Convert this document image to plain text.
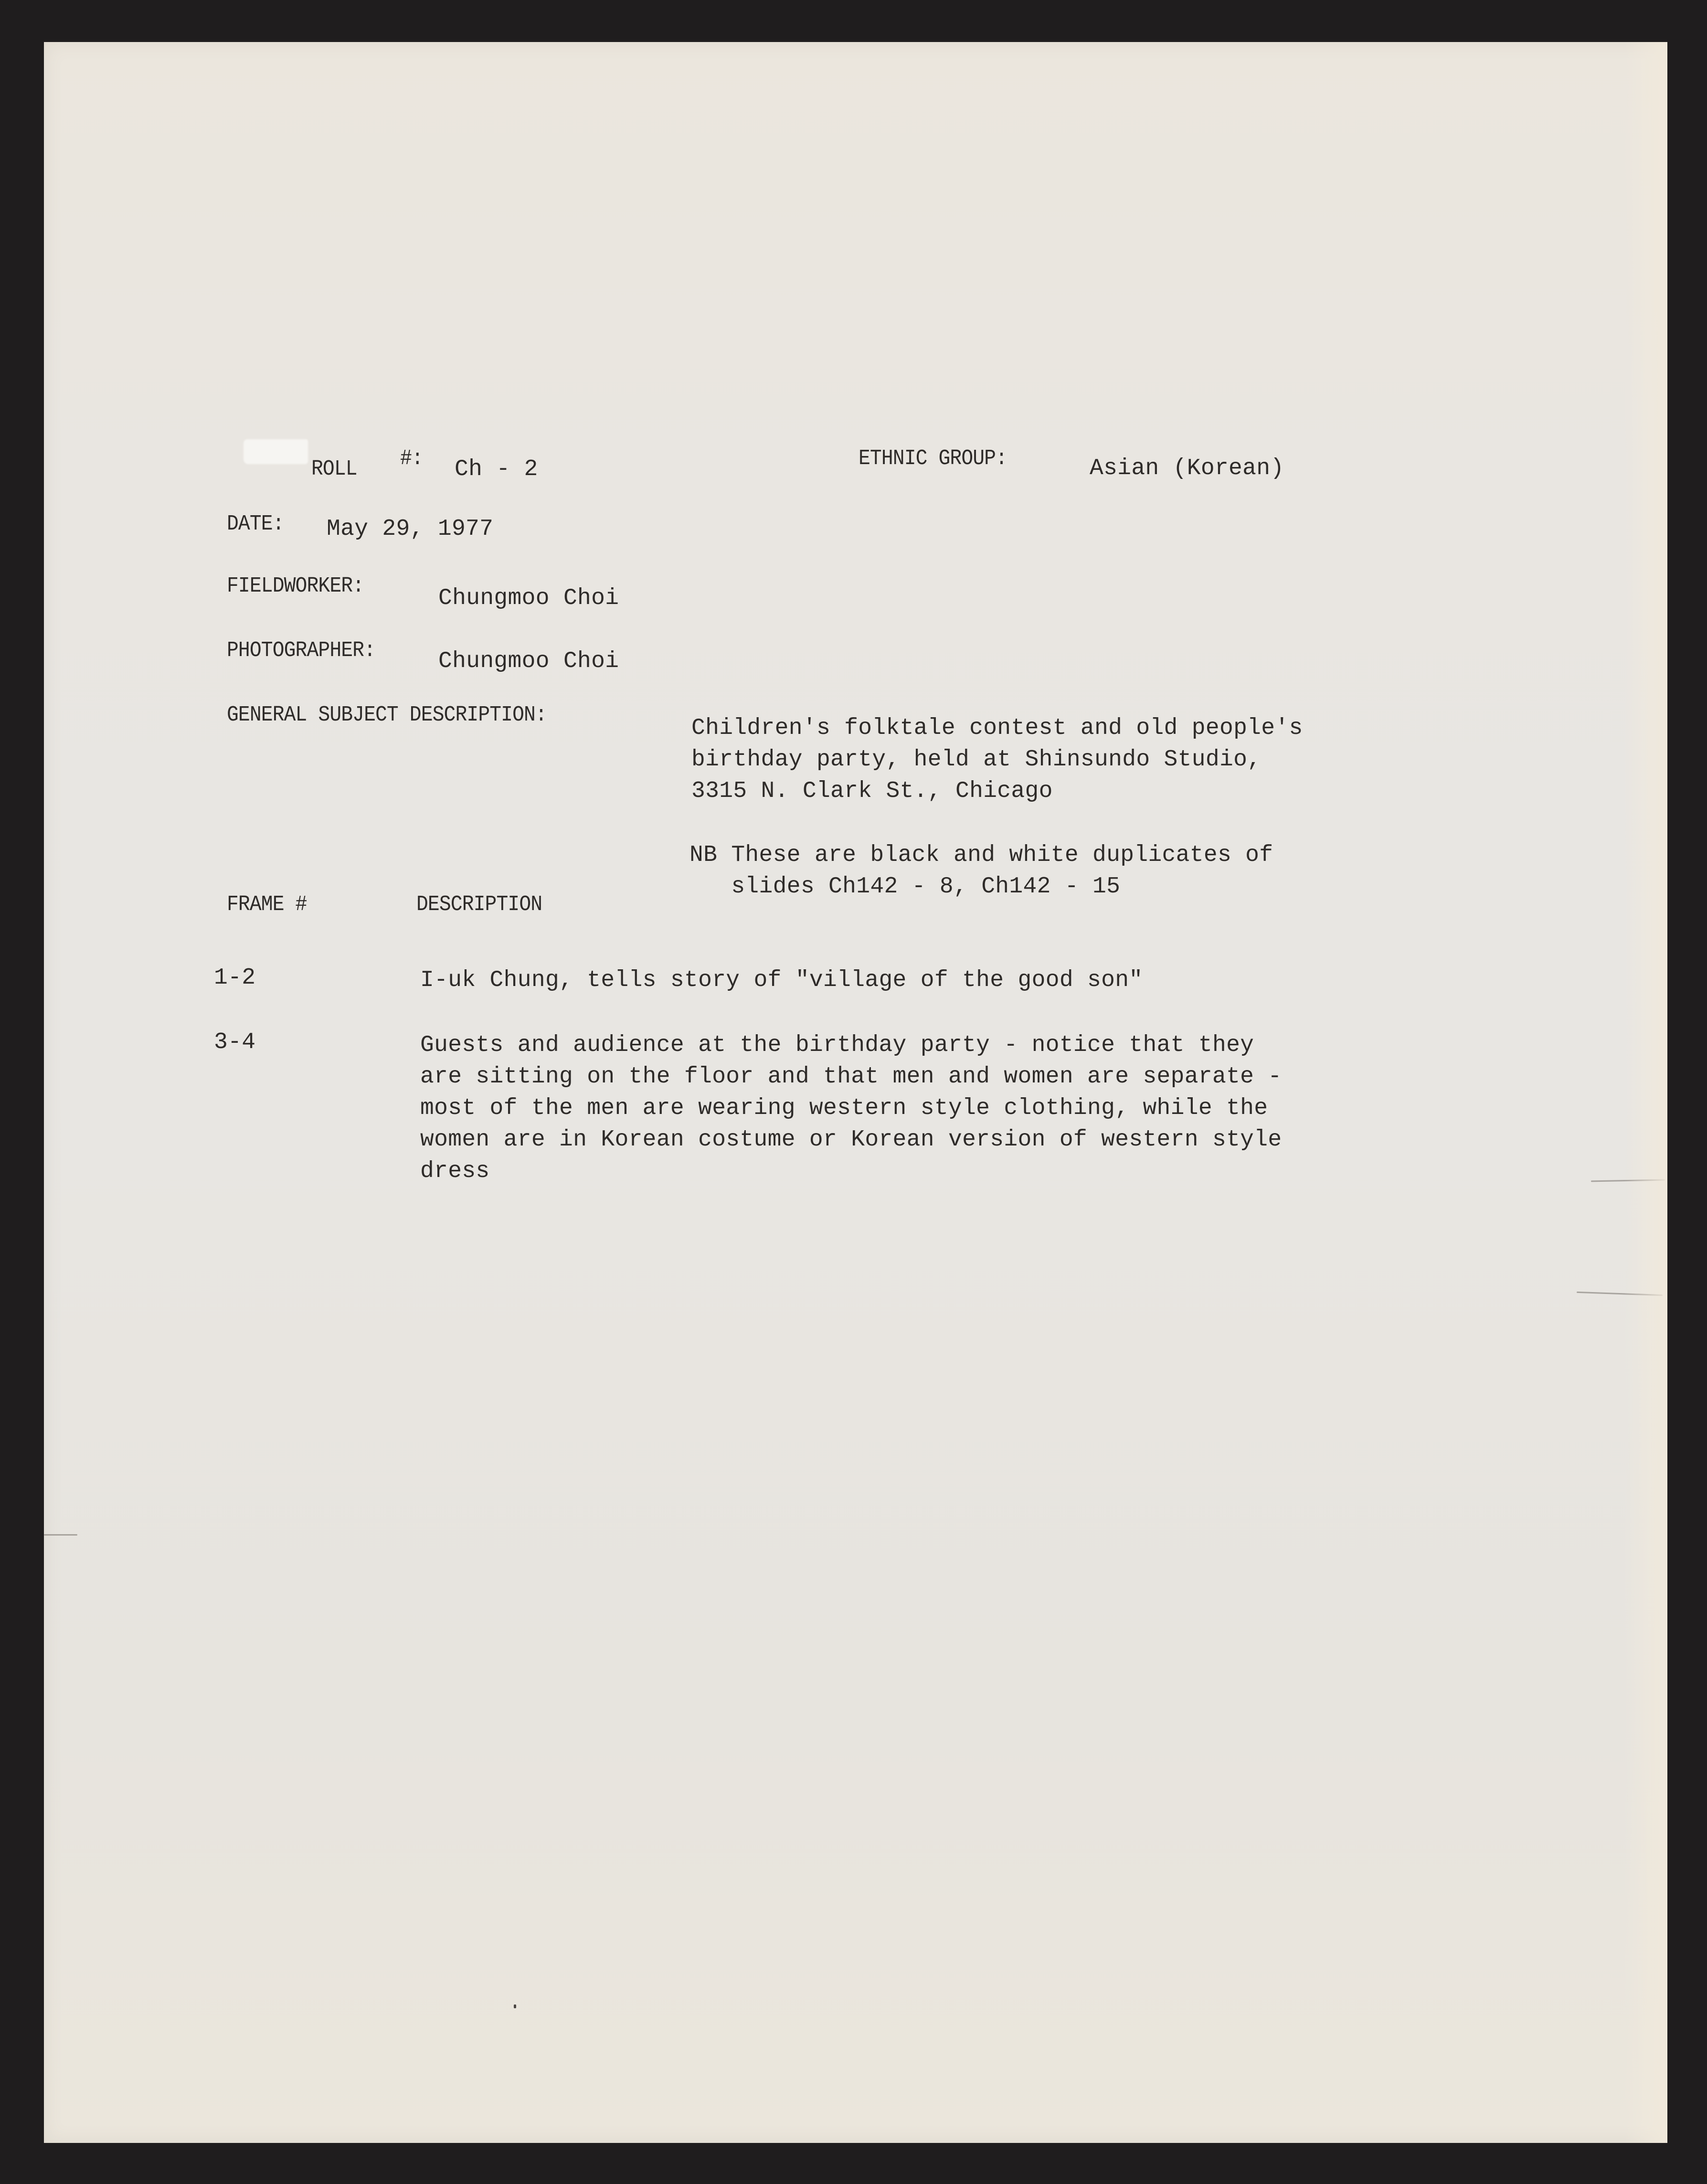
ROLL #: Ch - 2	ETHNIC GROUP:	Asian (Korean)
DATE: May 29, 1977
FIELDWORKER:	Chungmoo Choi
PHOTOGRAPHER:	Chungmoo Choi
GENERAL SUBJECT DESCRIPTION:
Children's folktale contest and old people's
birthday party, held at Shinsundo Studio,
3315 N. Clark St., Chicago
NB These are black and white duplicates of
slides Ch142 - 8, Ch142 - 15
FRAME #	DESCRIPTION
1-2	I-uk Chung, tells story of "village of the good son"
3-4	Guests and audience at the birthday party - notice that they
are sitting on the floor and that men and women are separate -
most of the men are wearing western style clothing, while the
women are in Korean costume or Korean version of western style
dress
